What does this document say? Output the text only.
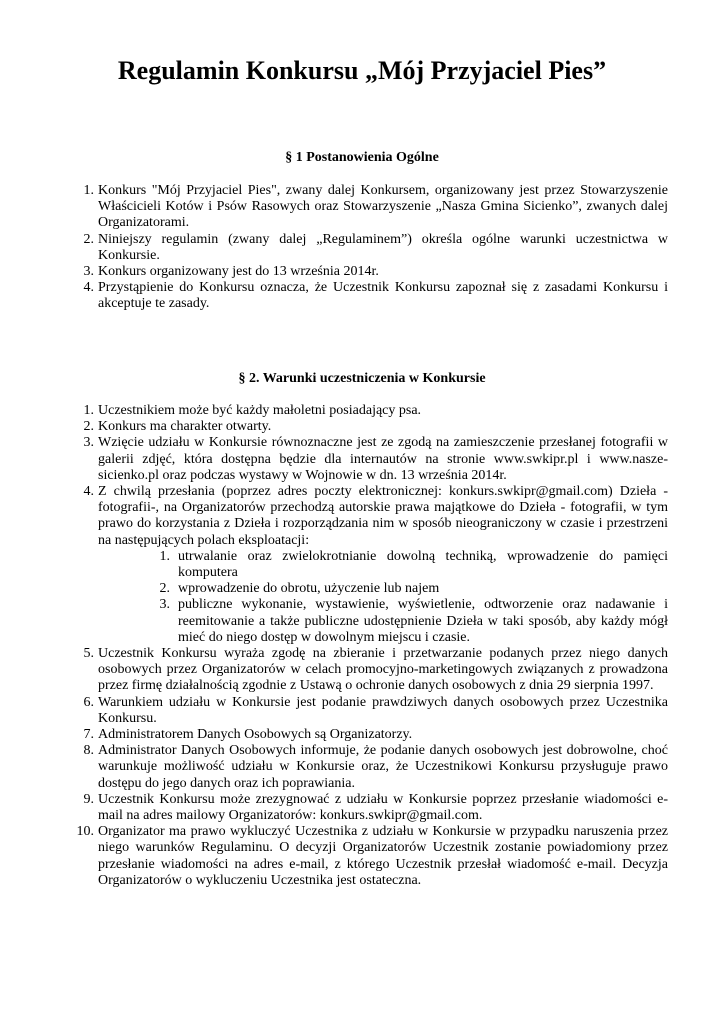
Regulamin Konkursu „Mój Przyjaciel Pies”
§ 1 Postanowienia Ogólne
1. Konkurs "Mój Przyjaciel Pies", zwany dalej Konkursem, organizowany jest przez Stowarzyszenie Właścicieli Kotów i Psów Rasowych oraz Stowarzyszenie „Nasza Gmina Sicienko”, zwanych dalej Organizatorami.
2. Niniejszy regulamin (zwany dalej „Regulaminem”) określa ogólne warunki uczestnictwa w Konkursie.
3. Konkurs organizowany jest do 13 września 2014r.
4. Przystąpienie do Konkursu oznacza, że Uczestnik Konkursu zapoznał się z zasadami Konkursu i akceptuje te zasady.
§ 2. Warunki uczestniczenia w Konkursie
1. Uczestnikiem może być każdy małoletni posiadający psa.
2. Konkurs ma charakter otwarty.
3. Wzięcie udziału w Konkursie równoznaczne jest ze zgodą na zamieszczenie przesłanej fotografii w galerii zdjęć, która dostępna będzie dla internautów na stronie www.swkipr.pl i www.nasze-sicienko.pl oraz podczas wystawy w Wojnowie w dn. 13 września 2014r.
4. Z chwilą przesłania (poprzez adres poczty elektronicznej: konkurs.swkipr@gmail.com) Dzieła - fotografii-, na Organizatorów przechodzą autorskie prawa majątkowe do Dzieła - fotografii, w tym prawo do korzystania z Dzieła i rozporządzania nim w sposób nieograniczony w czasie i przestrzeni na następujących polach eksploatacji:
1. utrwalanie oraz zwielokrotnianie dowolną techniką, wprowadzenie do pamięci komputera
2. wprowadzenie do obrotu, użyczenie lub najem
3. publiczne wykonanie, wystawienie, wyświetlenie, odtworzenie oraz nadawanie i reemitowanie a także publiczne udostępnienie Dzieła w taki sposób, aby każdy mógł mieć do niego dostęp w dowolnym miejscu i czasie.
5. Uczestnik Konkursu wyraża zgodę na zbieranie i przetwarzanie podanych przez niego danych osobowych przez Organizatorów w celach promocyjno-marketingowych związanych z prowadzona przez firmę działalnością zgodnie z Ustawą o ochronie danych osobowych z dnia 29 sierpnia 1997.
6. Warunkiem udziału w Konkursie jest podanie prawdziwych danych osobowych przez Uczestnika Konkursu.
7. Administratorem Danych Osobowych są Organizatorzy.
8. Administrator Danych Osobowych informuje, że podanie danych osobowych jest dobrowolne, choć warunkuje możliwość udziału w Konkursie oraz, że Uczestnikowi Konkursu przysługuje prawo dostępu do jego danych oraz ich poprawiania.
9. Uczestnik Konkursu może zrezygnować z udziału w Konkursie poprzez przesłanie wiadomości e-mail na adres mailowy Organizatorów: konkurs.swkipr@gmail.com.
10. Organizator ma prawo wykluczyć Uczestnika z udziału w Konkursie w przypadku naruszenia przez niego warunków Regulaminu. O decyzji Organizatorów Uczestnik zostanie powiadomiony przez przesłanie wiadomości na adres e-mail, z którego Uczestnik przesłał wiadomość e-mail. Decyzja Organizatorów o wykluczeniu Uczestnika jest ostateczna.
